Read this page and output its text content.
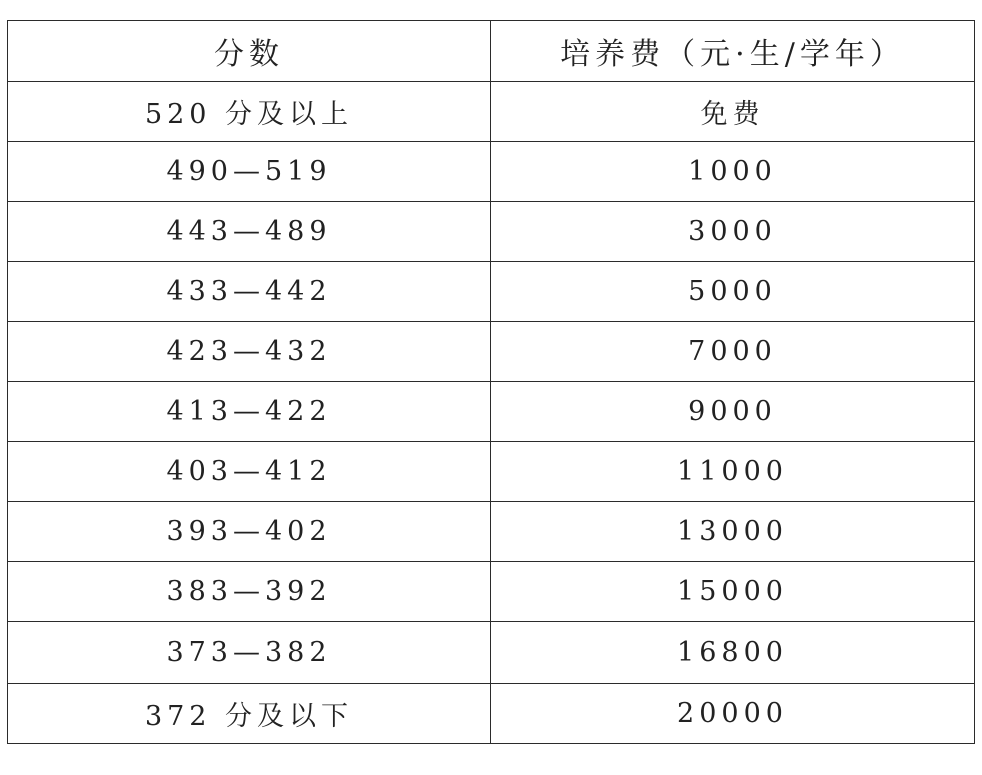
分数	培养费（元·生/学年）
520 分及以上	免费
490—519	1000
443—489	3000
433—442	5000
423—432	7000
413—422	9000
403—412	11000
393—402	13000
383—392	15000
373—382	16800
372 分及以下	20000
